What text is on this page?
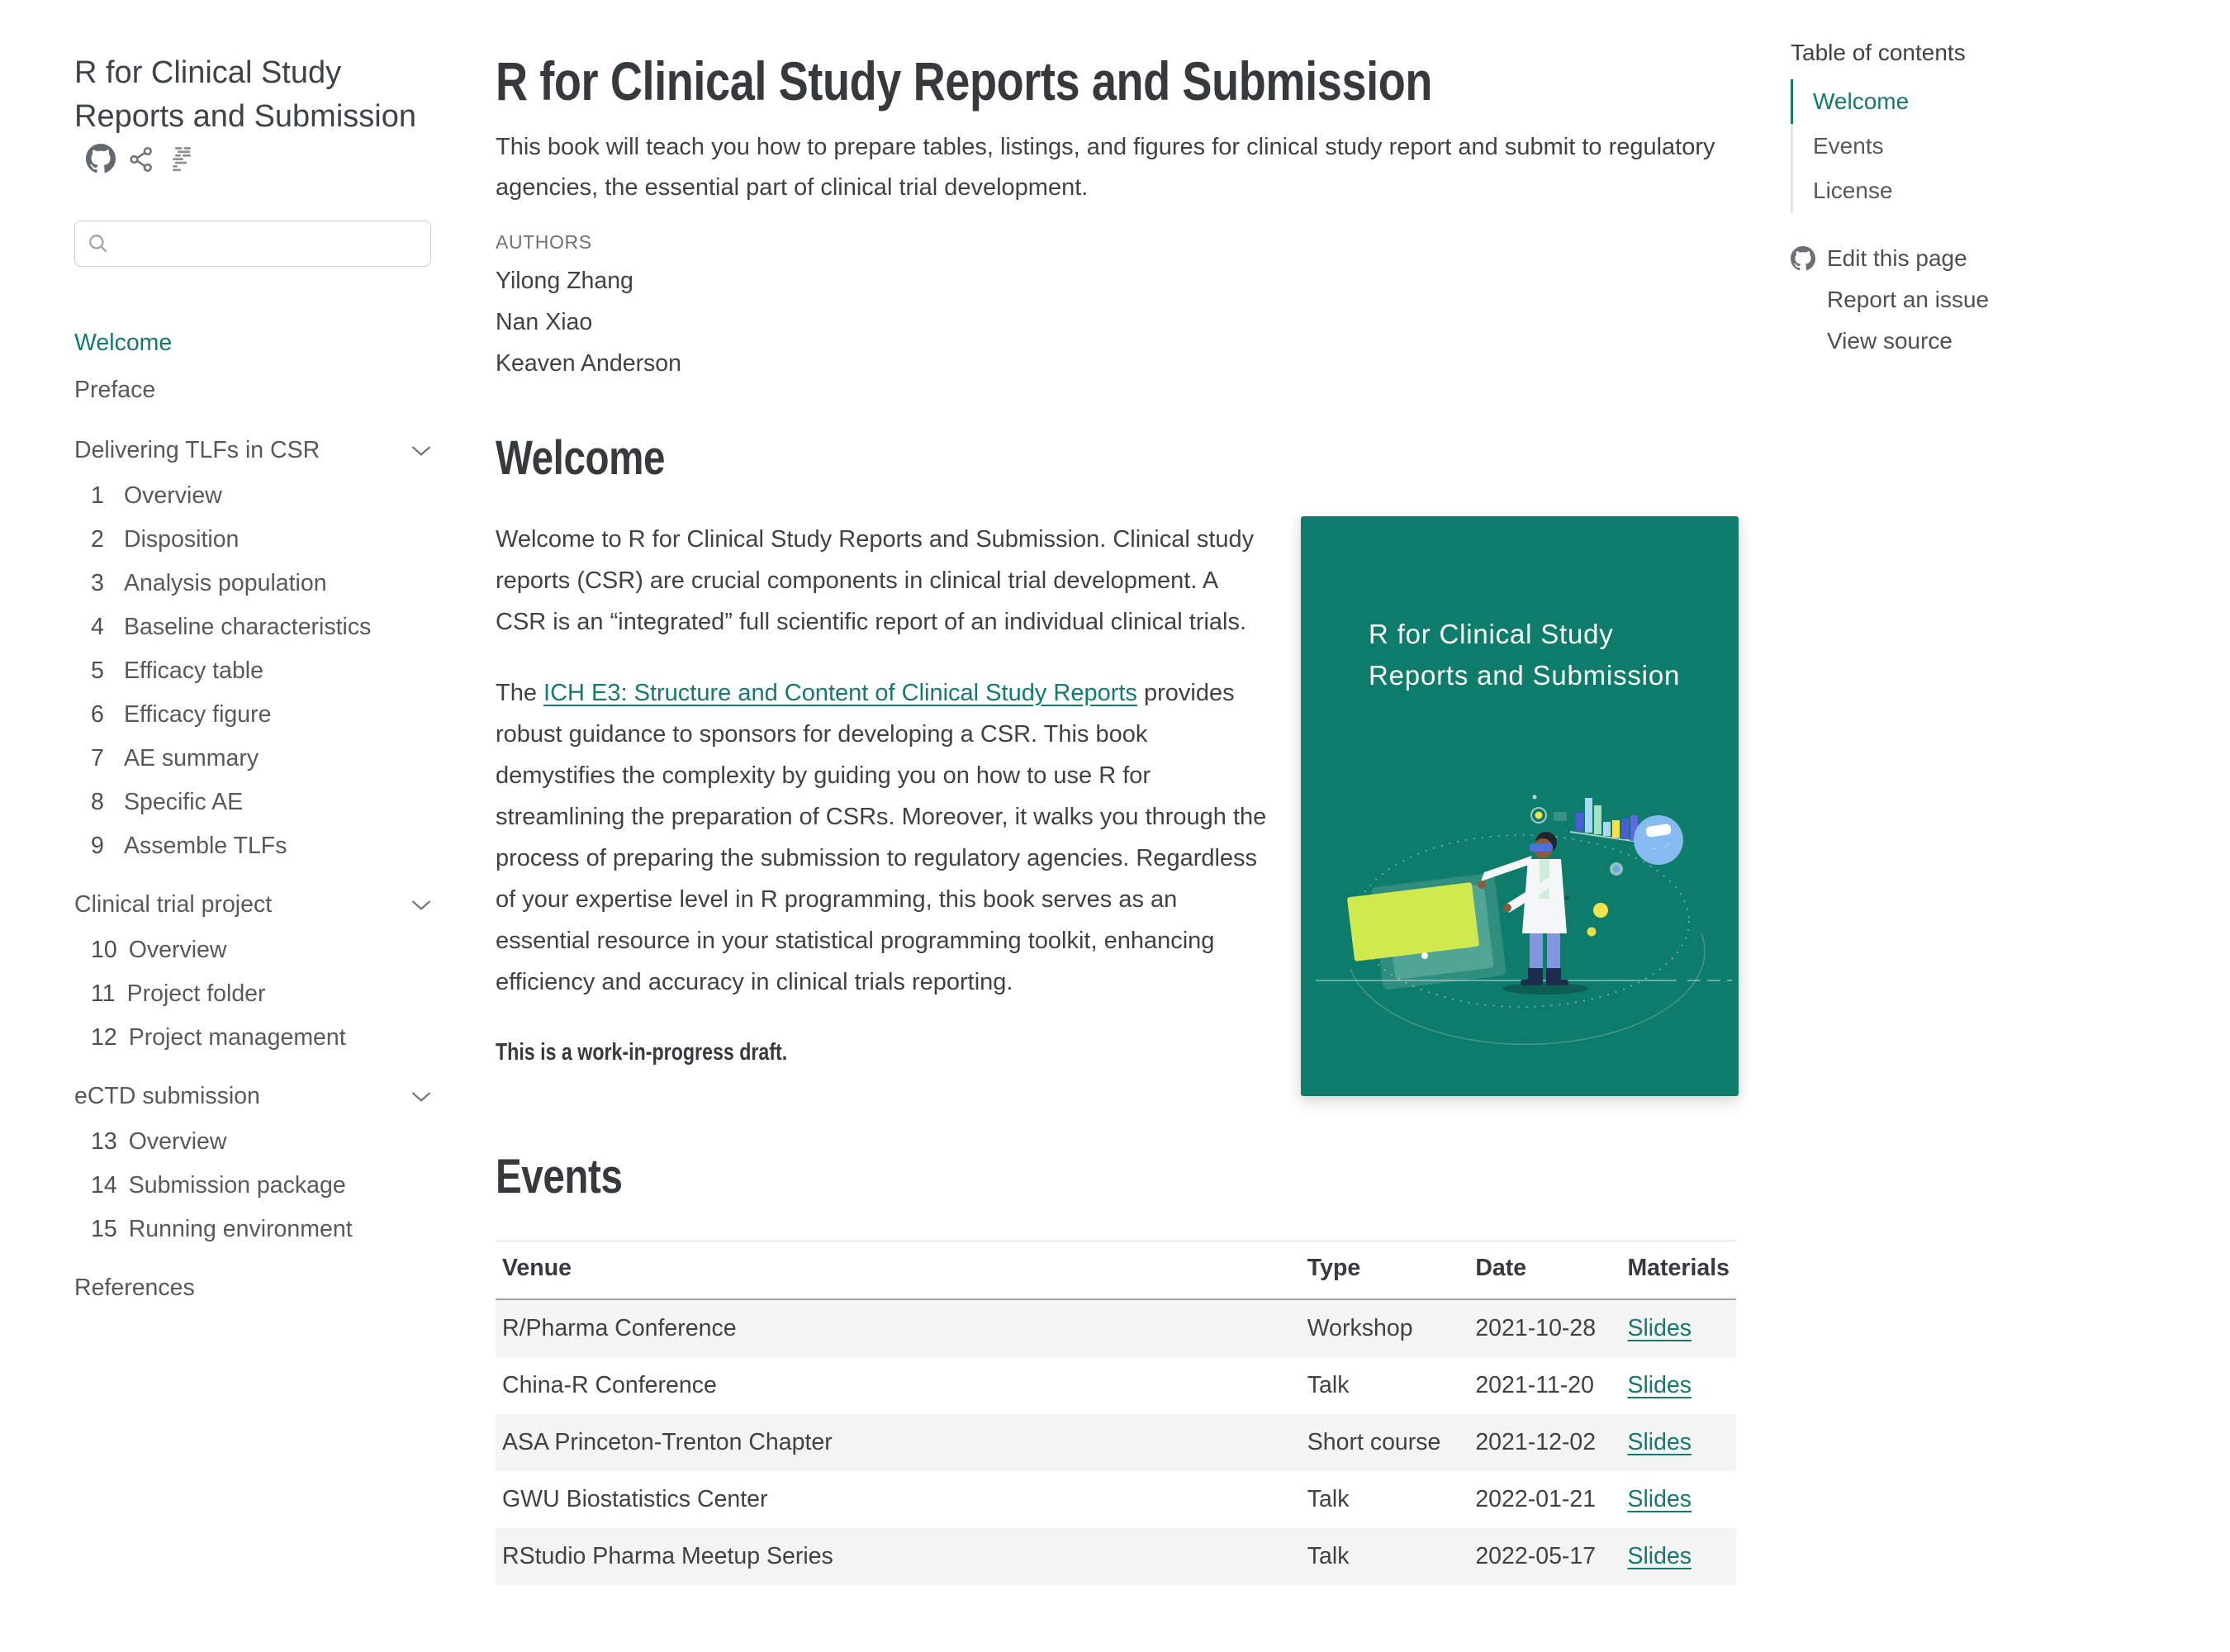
R for Clinical Study Reports and Submission
Welcome
Preface
Delivering TLFs in CSR
1 Overview
2 Disposition
3 Analysis population
4 Baseline characteristics
5 Efficacy table
6 Efficacy figure
7 AE summary
8 Specific AE
9 Assemble TLFs
Clinical trial project
10 Overview
11 Project folder
12 Project management
eCTD submission
13 Overview
14 Submission package
15 Running environment
References
R for Clinical Study Reports and Submission
This book will teach you how to prepare tables, listings, and figures for clinical study report and submit to regulatory agencies, the essential part of clinical trial development.
AUTHORS
Yilong Zhang
Nan Xiao
Keaven Anderson
Welcome

Welcome to R for Clinical Study Reports and Submission. Clinical study reports (CSR) are crucial components in clinical trial development. A CSR is an “integrated” full scientific report of an individual clinical trials.

The ICH E3: Structure and Content of Clinical Study Reports provides robust guidance to sponsors for developing a CSR. This book demystifies the complexity by guiding you on how to use R for streamlining the preparation of CSRs. Moreover, it walks you through the process of preparing the submission to regulatory agencies. Regardless of your expertise level in R programming, this book serves as an essential resource in your statistical programming toolkit, enhancing efficiency and accuracy in clinical trials reporting.

This is a work-in-progress draft.
Events
Venue	Type	Date	Materials
R/Pharma Conference	Workshop	2021-10-28	Slides
China-R Conference	Talk	2021-11-20	Slides
ASA Princeton-Trenton Chapter	Short course	2021-12-02	Slides
GWU Biostatistics Center	Talk	2022-01-21	Slides
RStudio Pharma Meetup Series	Talk	2022-05-17	Slides
R for Clinical Study
Reports and Submission
Table of contents
Welcome
Events
License
Edit this page
Report an issue
View source
